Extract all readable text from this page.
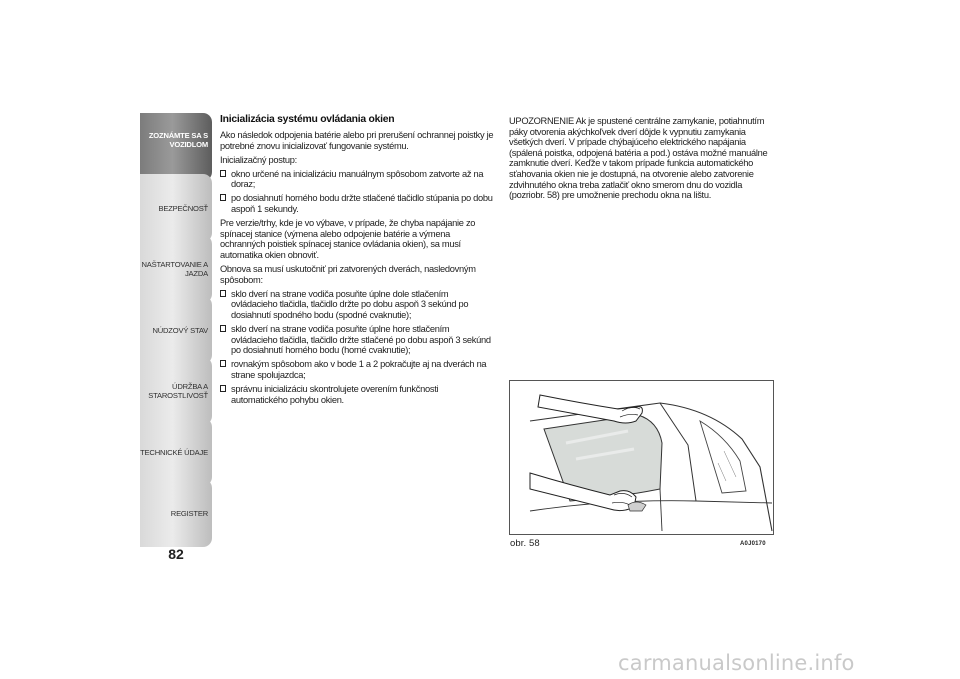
ZOZNÁMTE SA S
VOZIDLOM
BEZPEČNOSŤ
NAŠTARTOVANIE A
JAZDA
NÚDZOVÝ STAV
ÚDRŽBA A
STAROSTLIVOSŤ
TECHNICKÉ ÚDAJE
REGISTER
82
Inicializácia systému ovládania okien

Ako následok odpojenia batérie alebo pri prerušení ochrannej poistky je potrebné znovu inicializovať fungovanie systému.

Inicializačný postup:

okno určené na inicializáciu manuálnym spôsobom zatvorte až na doraz;
po dosiahnutí horného bodu držte stlačené tlačidlo stúpania po dobu aspoň 1 sekundy.

Pre verzie/trhy, kde je vo výbave, v prípade, že chyba napájanie zo spínacej stanice (výmena alebo odpojenie batérie a výmena ochranných poistiek spínacej stanice ovládania okien), sa musí automatika okien obnoviť.

Obnova sa musí uskutočniť pri zatvorených dverách, nasledovným spôsobom:

sklo dverí na strane vodiča posuňte úplne dole stlačením ovládacieho tlačidla, tlačidlo držte po dobu aspoň 3 sekúnd po dosiahnutí spodného bodu (spodné cvaknutie);
sklo dverí na strane vodiča posuňte úplne hore stlačením ovládacieho tlačidla, tlačidlo držte stlačené po dobu aspoň 3 sekúnd po dosiahnutí horného bodu (horné cvaknutie);
rovnakým spôsobom ako v bode 1 a 2 pokračujte aj na dverách na strane spolujazdca;
správnu inicializáciu skontrolujete overením funkčnosti automatického pohybu okien.

UPOZORNENIE Ak je spustené centrálne zamykanie, potiahnutím páky otvorenia akýchkoľvek dverí dôjde k vypnutiu zamykania všetkých dverí. V prípade chýbajúceho elektrického napájania (spálená poistka, odpojená batéria a pod.) ostáva možné manuálne zamknutie dverí. Keďže v takom prípade funkcia automatického sťahovania okien nie je dostupná, na otvorenie alebo zatvorenie zdvihnutého okna treba zatlačiť okno smerom dnu do vozidla (pozriobr. 58) pre umožnenie prechodu okna na lištu.

obr. 58	A0J0170
carmanualsonline.info
